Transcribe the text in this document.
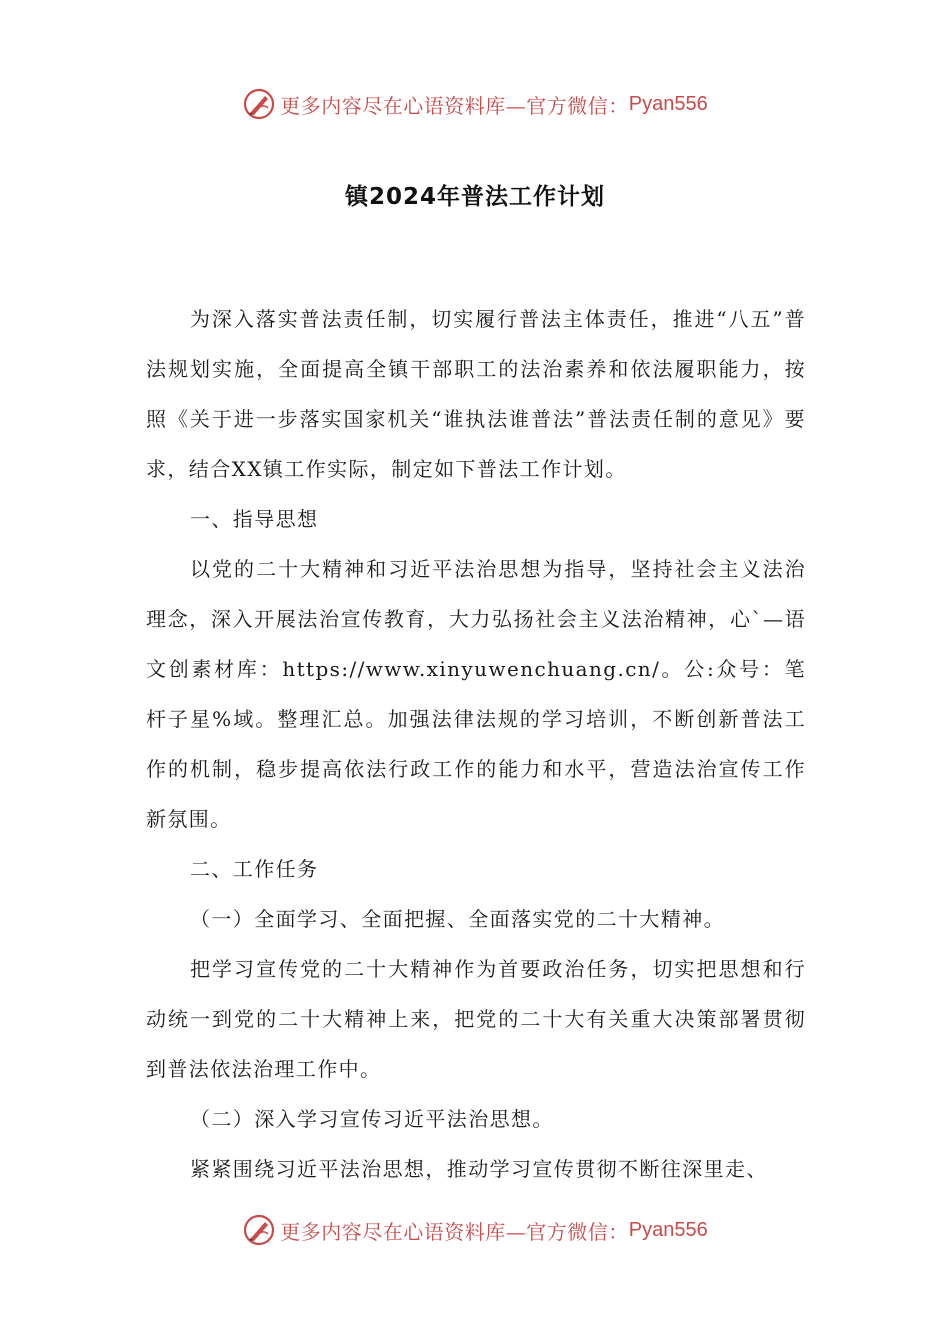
更多内容尽在心语资料库—官方微信： Pyan556
镇2024年普法工作计划

为深入落实普法责任制，切实履行普法主体责任，推进“八五”普法规划实施，全面提高全镇干部职工的法治素养和依法履职能力，按照《关于进一步落实国家机关“谁执法谁普法”普法责任制的意见》要求，结合XX镇工作实际，制定如下普法工作计划。

一、指导思想

以党的二十大精神和习近平法治思想为指导，坚持社会主义法治理念，深入开展法治宣传教育，大力弘扬社会主义法治精神，心`—语文创素材库：https://www.xinyuwenchuang.cn/。公:众号：笔杆子星%域。整理汇总。加强法律法规的学习培训，不断创新普法工作的机制，稳步提高依法行政工作的能力和水平，营造法治宣传工作新氛围。

二、工作任务

（一）全面学习、全面把握、全面落实党的二十大精神。

把学习宣传党的二十大精神作为首要政治任务，切实把思想和行动统一到党的二十大精神上来，把党的二十大有关重大决策部署贯彻到普法依法治理工作中。

（二）深入学习宣传习近平法治思想。

紧紧围绕习近平法治思想，推动学习宣传贯彻不断往深里走、

更多内容尽在心语资料库—官方微信： Pyan556
